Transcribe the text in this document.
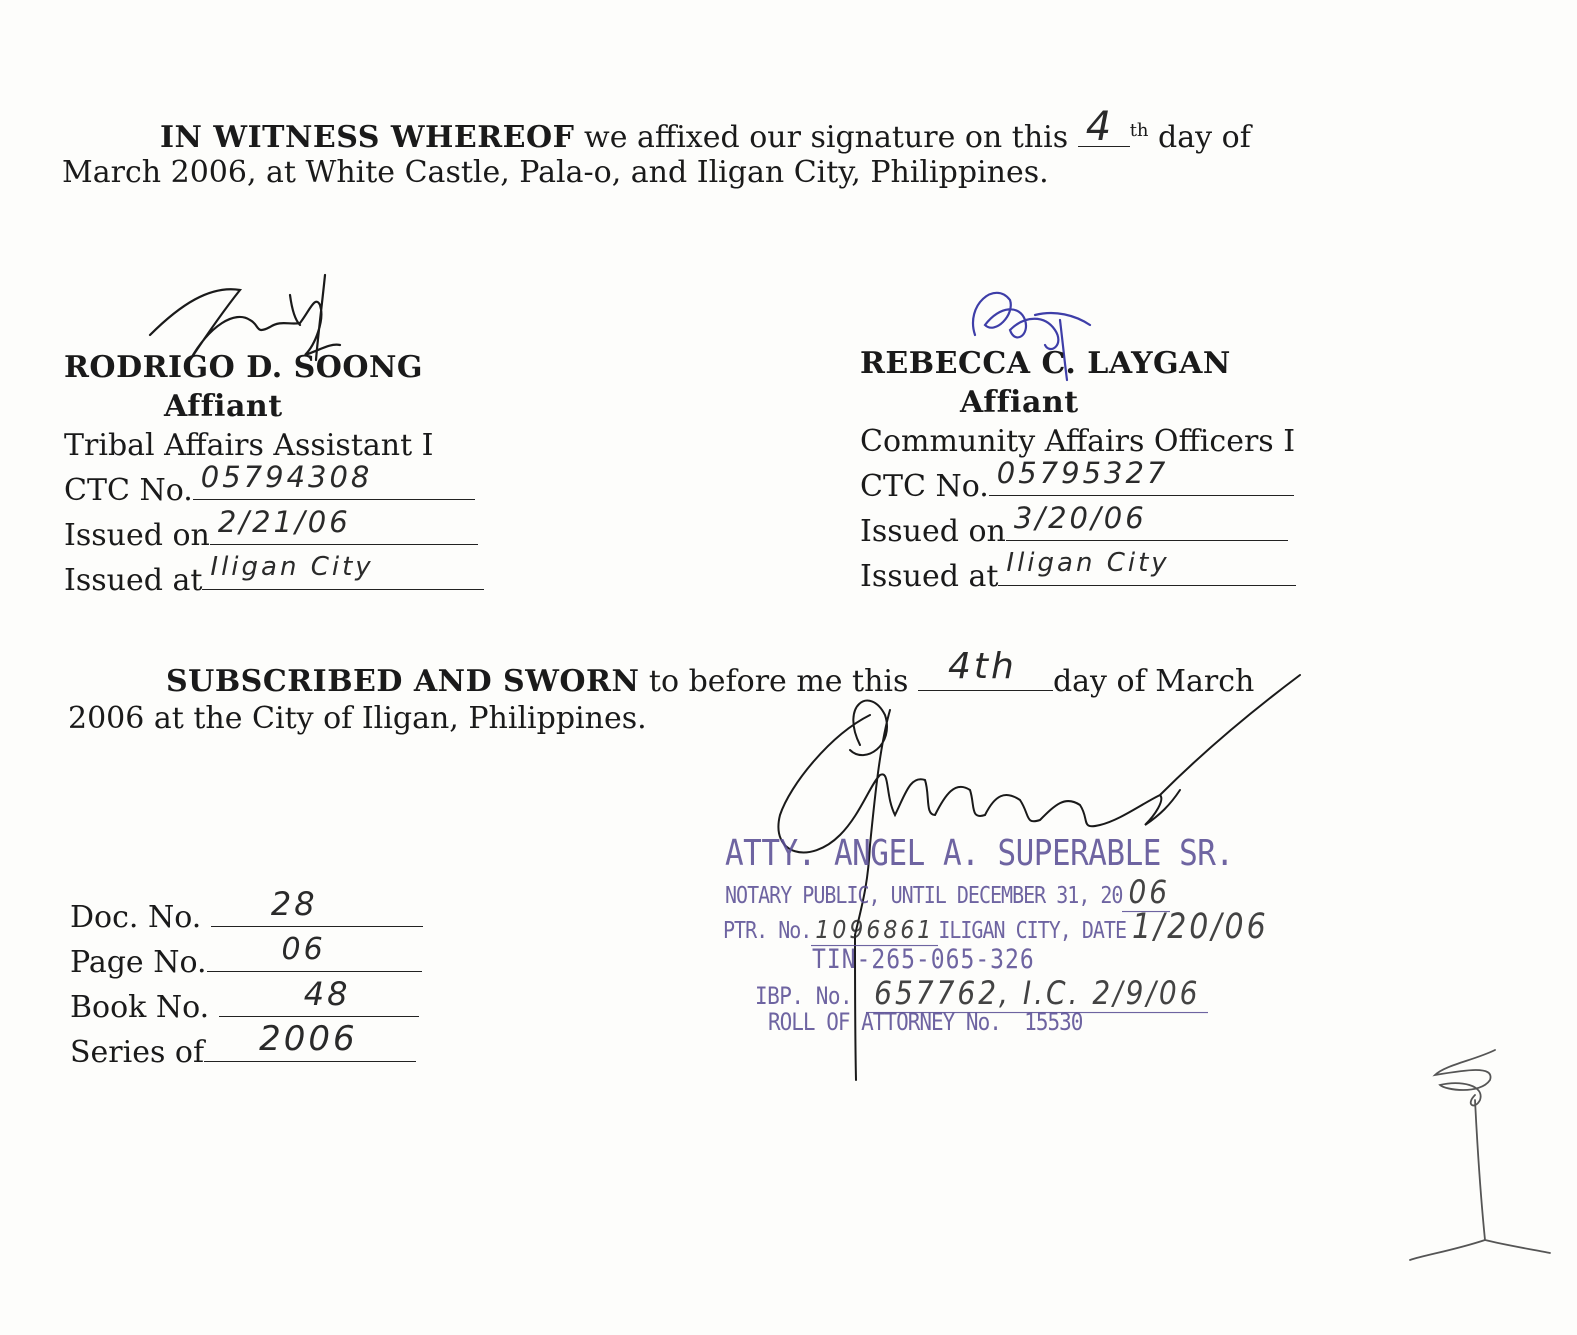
IN WITNESS WHEREOF we affixed our signature on this 4 $^{th}$ day of
March 2006, at White Castle, Pala-o, and Iligan City, Philippines.
RODRIGO D. SOONG
Affiant
Tribal Affairs Assistant I
CTC No. 05794308
Issued on 2/21/06
Issued at Iligan City
REBECCA C. LAYGAN
Affiant
Community Affairs Officers I
CTC No. 05795327
Issued on 3/20/06
Issued at Iligan City
SUBSCRIBED AND SWORN to before me this 4th day of March
2006 at the City of Iligan, Philippines.
ATTY. ANGEL A. SUPERABLE SR.
NOTARY PUBLIC, UNTIL DECEMBER 31, 20 06
PTR. No. 1096861 ILIGAN CITY, DATE 1/20/06
TIN-265-065-326
IBP. No. 657762, I.C. 2/9/06
ROLL OF ATTORNEY No. 15530
Doc. No. 28
Page No.	06
Book No.	48
Series of 2006
